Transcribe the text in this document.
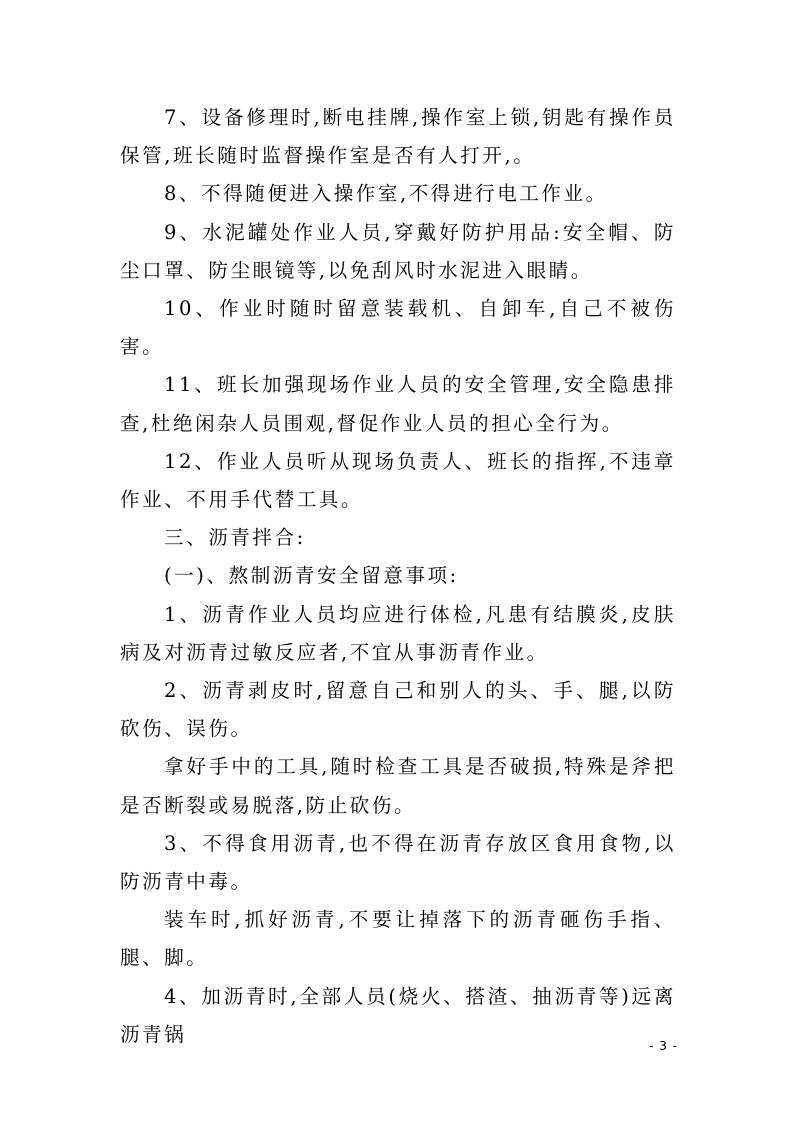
7、设备修理时,断电挂牌,操作室上锁,钥匙有操作员保管,班长随时监督操作室是否有人打开,。

8、不得随便进入操作室,不得进行电工作业。

9、水泥罐处作业人员,穿戴好防护用品:安全帽、防尘口罩、防尘眼镜等,以免刮风时水泥进入眼睛。

10、作业时随时留意装载机、自卸车,自己不被伤害。

11、班长加强现场作业人员的安全管理,安全隐患排查,杜绝闲杂人员围观,督促作业人员的担心全行为。

12、作业人员听从现场负责人、班长的指挥,不违章作业、不用手代替工具。

三、沥青拌合:

(一)、熬制沥青安全留意事项:

1、沥青作业人员均应进行体检,凡患有结膜炎,皮肤病及对沥青过敏反应者,不宜从事沥青作业。

2、沥青剥皮时,留意自己和别人的头、手、腿,以防砍伤、误伤。

拿好手中的工具,随时检查工具是否破损,特殊是斧把是否断裂或易脱落,防止砍伤。

3、不得食用沥青,也不得在沥青存放区食用食物,以防沥青中毒。

装车时,抓好沥青,不要让掉落下的沥青砸伤手指、腿、脚。

4、加沥青时,全部人员(烧火、搭渣、抽沥青等)远离沥青锅

- 3 -
